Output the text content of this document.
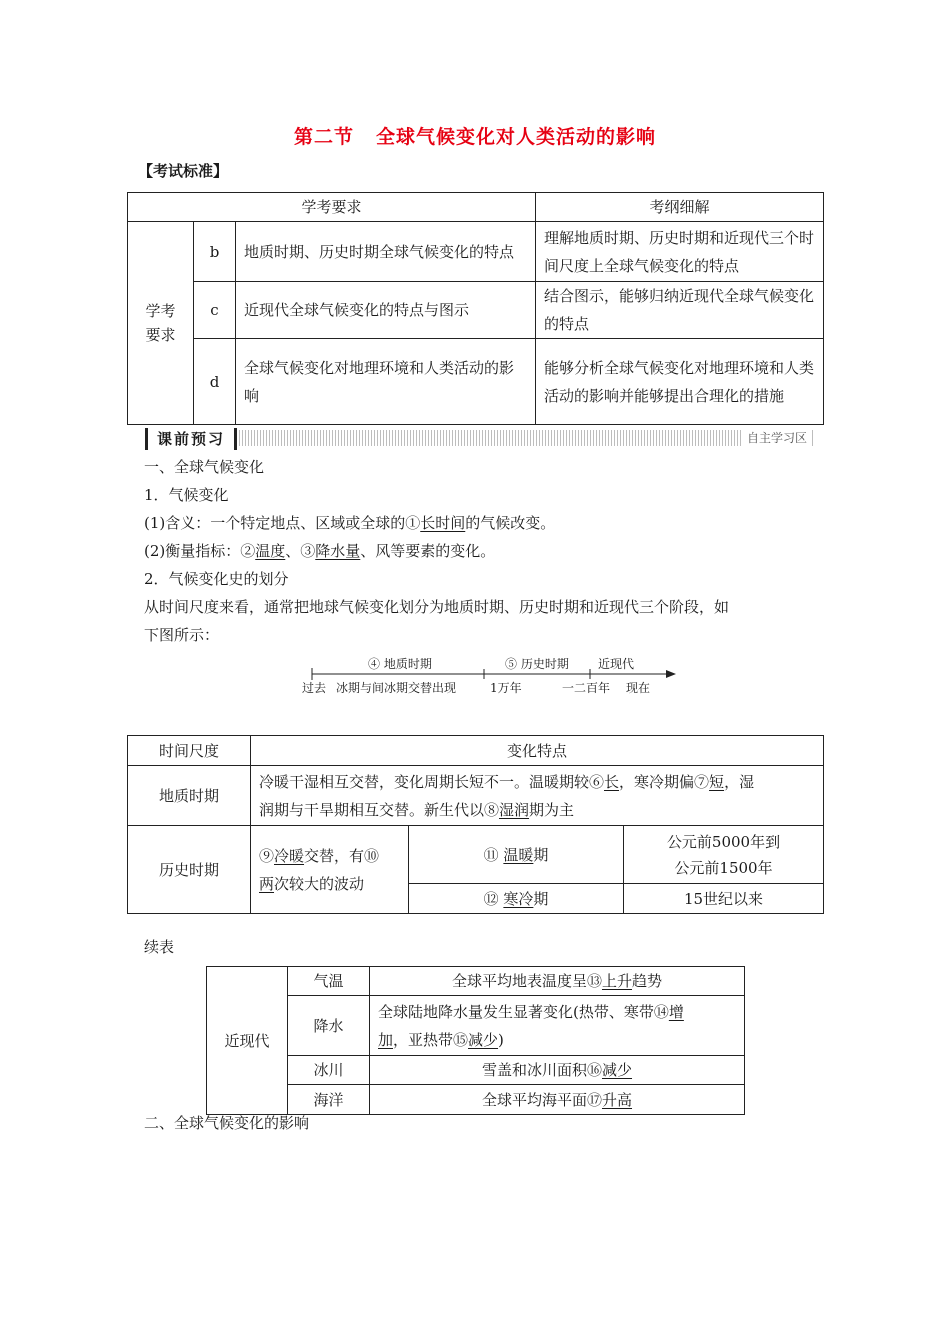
第二节 全球气候变化对人类活动的影响
【考试标准】
学考要求			考纲细解
学考
要求	b	地质时期、历史时期全球气候变化的特点	理解地质时期、历史时期和近现代三个时间尺度上全球气候变化的特点
	c	近现代全球气候变化的特点与图示	结合图示，能够归纳近现代全球气候变化的特点
	d	全球气候变化对地理环境和人类活动的影响	能够分析全球气候变化对地理环境和人类活动的影响并能够提出合理化的措施
课前预习	自主学习区
一、全球气候变化
1．气候变化
(1)含义：一个特定地点、区域或全球的①长时间的气候改变。
(2)衡量指标：②温度、③降水量、风等要素的变化。
2．气候变化史的划分
从时间尺度来看，通常把地球气候变化划分为地质时期、历史时期和近现代三个阶段，如
下图所示：
④ 地质时期	⑤ 历史时期 近现代
过去 冰期与间冰期交替出现	1万年	一二百年 现在
时间尺度	变化特点		
地质时期	冷暖干湿相互交替，变化周期长短不一。温暖期较⑥长，寒冷期偏⑦短，湿
润期与干旱期相互交替。新生代以⑧湿润期为主		
历史时期	⑨冷暖交替，有⑩
两次较大的波动	⑪ 温暖期	公元前5000年到
公元前1500年
		⑫ 寒冷期	15世纪以来
续表
近现代	气温	全球平均地表温度呈⑬上升趋势
	降水	全球陆地降水量发生显著变化(热带、寒带⑭增
加，亚热带⑮减少)
	冰川	雪盖和冰川面积⑯减少
	海洋	全球平均海平面⑰升高
二、全球气候变化的影响
